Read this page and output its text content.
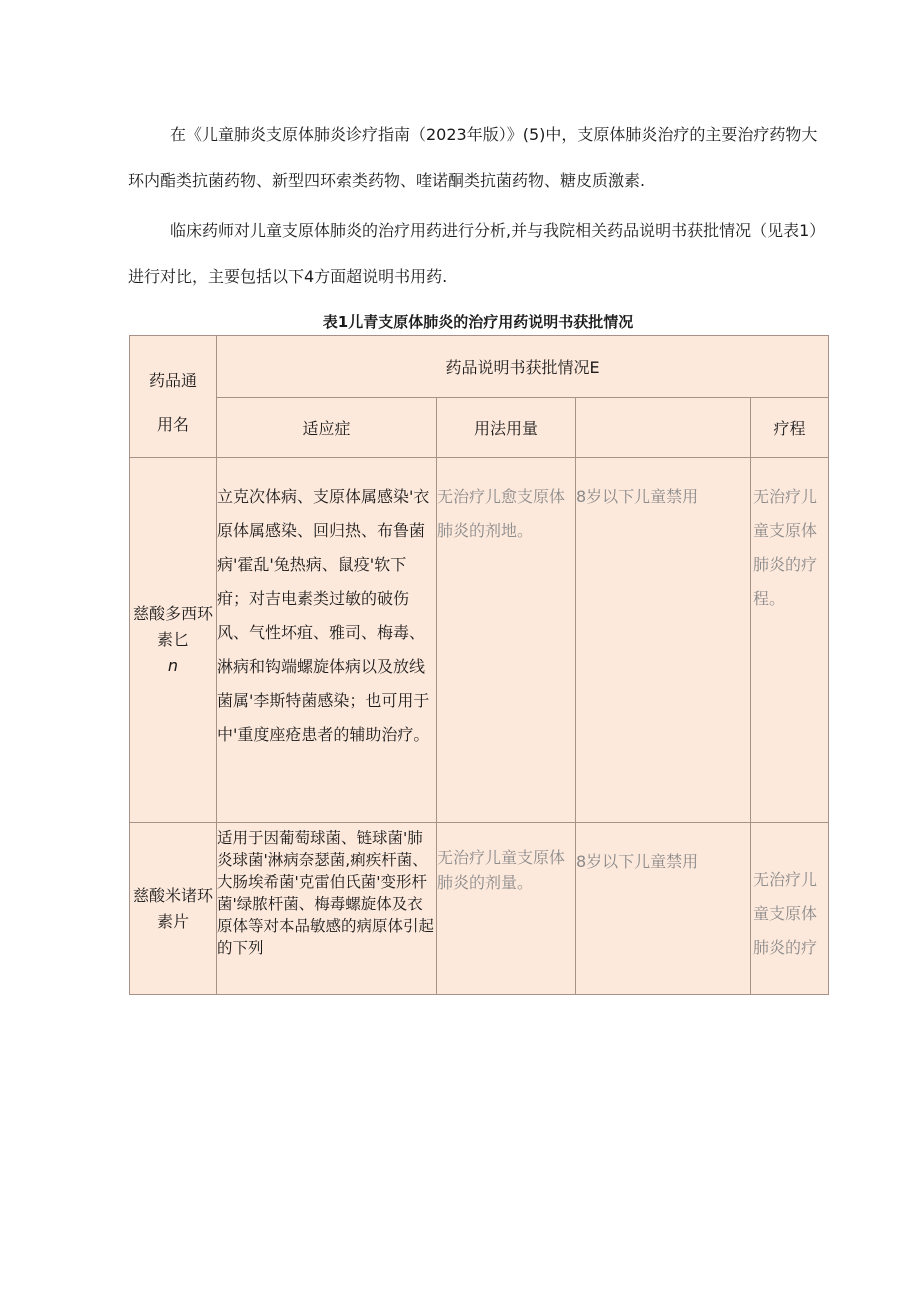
在《儿童肺炎支原体肺炎诊疗指南（2023年版）》(5)中，支原体肺炎治疗的主要治疗药物大环内酯类抗菌药物、新型四环索类药物、喹诺酮类抗菌药物、糖皮质激素.

临床药师对儿童支原体肺炎的治疗用药进行分析,并与我院相关药品说明书获批情况（见表1）进行对比，主要包括以下4方面超说明书用药.

表1儿青支原体肺炎的治疗用药说明书获批情况
药品通
用名	药品说明书获批情况E			
	适应症	用法用量		疗程
慈酸多西环素匕
n	立克次体病、支原体属感染'衣原体属感染、回归热、布鲁菌病'霍乱'兔热病、鼠疫'软下疳；对吉电素类过敏的破伤风、气性坏疽、雅司、梅毒、淋病和钩端螺旋体病以及放线菌属'李斯特菌感染；也可用于中'重度座疮患者的辅助治疗。	无治疗儿愈支原体肺炎的剂地。	8岁以下儿童禁用	无治疗儿童支原体肺炎的疗程。
慈酸米诸环素片	适用于因葡萄球菌、链球菌'肺炎球菌'淋病奈瑟菌,痢疾杆菌、大肠埃希菌'克雷伯氏菌'变形杆菌'绿脓杆菌、梅毒螺旋体及衣原体等对本品敏感的病原体引起的下列	无治疗儿童支原体肺炎的剂量。	8岁以下儿童禁用	无治疗儿童支原体肺炎的疗
